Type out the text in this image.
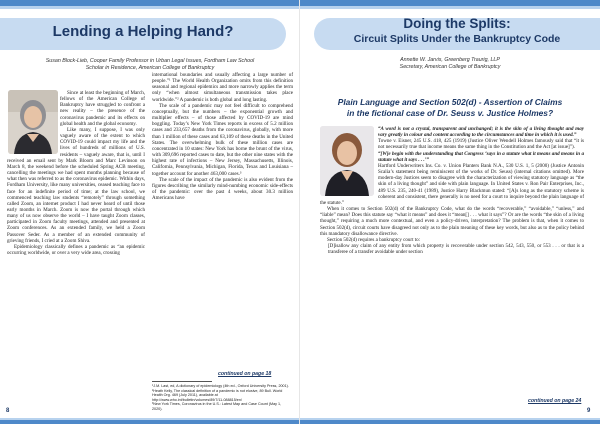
Lending a Helping Hand?
Susan Block-Lieb, Cooper Family Professor in Urban Legal Issues, Fordham Law School
Scholar in Residence, American College of Bankruptcy

Since at least the beginning of March, fellows of the American College of Bankruptcy have struggled to confront a new reality – the presence of the coronavirus pandemic and its effects on global health and the global economy.

Like many, I suppose, I was only vaguely aware of the extent to which COVID-19 could impact my life and the lives of hundreds of millions of U.S. residents – vaguely aware, that is, until I received an email sent by Mark Bloom and Marc Levinson on March 8, the weekend before the scheduled Spring ACB meeting, cancelling the meetings we had spent months planning because of what then was referred to as the coronavirus epidemic. Within days, Fordham University, like many universities, ceased teaching face to face for an indefinite period of time; at the law school, we commenced teaching law students “remotely” through something called Zoom, an internet product I had never heard of until those early months in March. Zoom is now the portal through which many of us now observe the world – I have taught Zoom classes, participated in Zoom faculty meetings, attended and presented at Zoom conferences. As an extended family, we held a Zoom Passover Seder. As a member of an extended community of grieving friends, I cried at a Zoom Shiva.

Epidemiology classically defines a pandemic as “an epidemic occurring worldwide, or over a very wide area, crossing

international boundaries and usually affecting a large number of people.”¹ The World Health Organization omits from this definition seasonal and regional epidemics and more narrowly applies the term only “when almost simultaneous transmission takes place worldwide.”² A pandemic is both global and long lasting.

The scale of a pandemic may not feel difficult to comprehend conceptually, but the numbers – the exponential growth and multiplier effects – of those affected by COVID-19 are mind boggling. Today’s New York Times reports in excess of 5.2 million cases and 233,657 deaths from the coronavirus, globally, with more than 1 million of these cases and 63,109 of these deaths in the United States. The overwhelming bulk of these million cases are concentrated in 10 states: New York has borne the brunt of the virus, with 309,696 reported cases to date, but the other nine states with the highest rate of infections – New Jersey, Massachusetts, Illinois, California, Pennsylvania, Michigan, Florida, Texas and Louisiana – together account for another 463,000 cases.³

The scale of the impact of the pandemic is also evident from the figures describing the similarly mind-numbing economic side-effects of the pandemic: over the past 4 weeks, about 30.3 million Americans have

continued on page 18
¹J.M. Last, ed, A dictionary of epidemiology (4th ed., Oxford University Press, 2001).
²Heath Kelly, The classical definition of a pandemic is not elusive, 89 Bull. World Health Org. 469 (July 2011), available at http://www.who.int/bulletin/volumes/89/7/11-088815/en/
³New York Times, Coronavirus in the U.S.: Latest Map and Case Count (May 1, 2020).
8
Doing the Splits:
Circuit Splits Under the Bankruptcy Code
Annette W. Jarvis, Greenberg Traurig, LLP
Secretary, American College of Bankruptcy
Plain Language and Section 502(d) - Assertion of Claims
in the fictional case of Dr. Seuss v. Justice Holmes?

“A word is not a crystal, transparent and unchanged; it is the skin of a living thought and may vary greatly in colour and content according to the circumstances and time in which it is used.”

Towne v. Eisner, 245 U.S. 418, 425 (1919) (Justice Oliver Wendell Holmes famously said that “it is not necessarily true that income means the same thing in the Constitution and the Act [at issue]”).

“[W]e begin with the understanding that Congress ‘says in a statute what it means and means in a statute what it says . . .’”

Hartford Underwriters Ins. Co. v. Union Planters Bank N.A., 530 U.S. 1, 5 (2000) (Justice Antonin Scalia’s statement being reminiscent of the works of Dr. Seuss) (internal citations omitted). More modern-day Justices seem to disagree with the characterization of viewing statutory language as “the skin of a living thought” and side with plain language. In United States v. Ron Pair Enterprises, Inc., 489 U.S. 235, 240-41 (1989), Justice Harry Blackmun stated: “[A]s long as the statutory scheme is coherent and consistent, there generally is no need for a court to inquire beyond the plain language of the statute.”

When it comes to Section 502(d) of the Bankruptcy Code, what do the words “recoverable,” “avoidable,” “unless,” and “liable” mean? Does this statute say “what it means” and does it “mean[] . . . what it says”? Or are the words “the skin of a living thought,” requiring a much more contextual, and even a policy-driven, interpretation? The problem is that, when it comes to Section 502(d), circuit courts have disagreed not only as to the plain meaning of these key words, but also as to the policy behind this mandatory disallowance directive.

Section 502(d) requires a bankruptcy court to:

[D]isallow any claim of any entity from which property is recoverable under section 542, 543, 550, or 553 . . . or that is a transferee of a transfer avoidable under section

continued on page 24
9
